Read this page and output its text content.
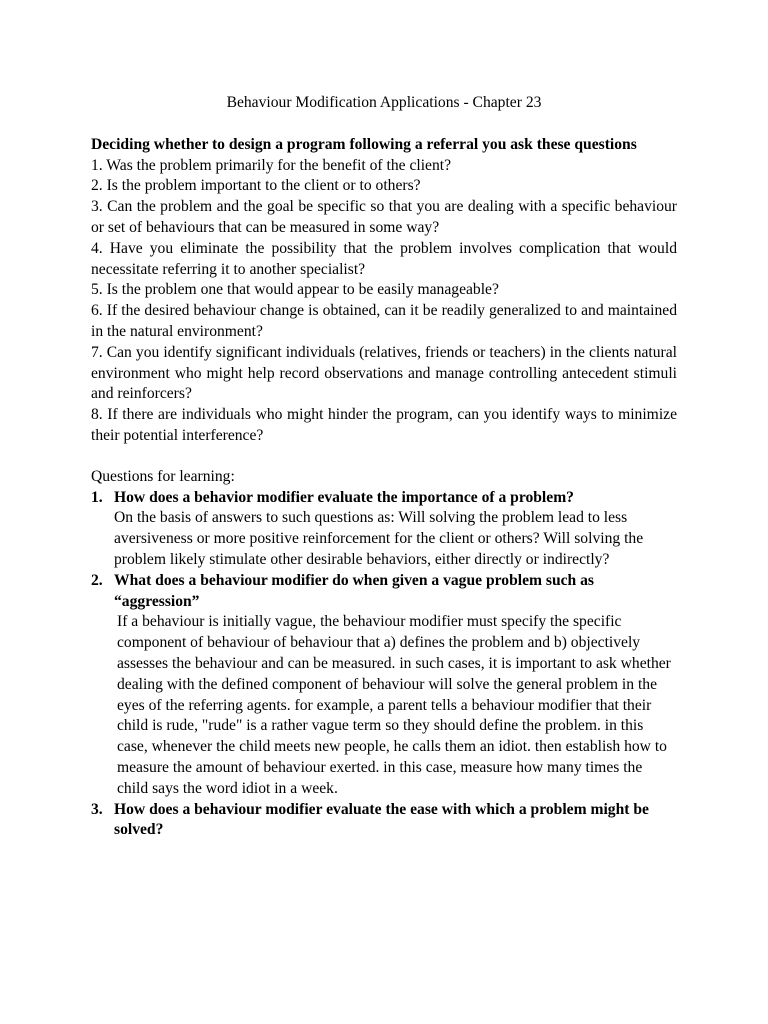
Behaviour Modification Applications - Chapter 23

Deciding whether to design a program following a referral you ask these questions

1. Was the problem primarily for the benefit of the client?

2. Is the problem important to the client or to others?

3. Can the problem and the goal be specific so that you are dealing with a specific behaviour or set of behaviours that can be measured in some way?

4. Have you eliminate the possibility that the problem involves complication that would necessitate referring it to another specialist?

5. Is the problem one that would appear to be easily manageable?

6. If the desired behaviour change is obtained, can it be readily generalized to and maintained in the natural environment?

7. Can you identify significant individuals (relatives, friends or teachers) in the clients natural environment who might help record observations and manage controlling antecedent stimuli and reinforcers?

8. If there are individuals who might hinder the program, can you identify ways to minimize their potential interference?

Questions for learning:

1. How does a behavior modifier evaluate the importance of a problem?

On the basis of answers to such questions as: Will solving the problem lead to less aversiveness or more positive reinforcement for the client or others? Will solving the problem likely stimulate other desirable behaviors, either directly or indirectly?

2. What does a behaviour modifier do when given a vague problem such as “aggression”

If a behaviour is initially vague, the behaviour modifier must specify the specific component of behaviour of behaviour that a) defines the problem and b) objectively assesses the behaviour and can be measured. in such cases, it is important to ask whether dealing with the defined component of behaviour will solve the general problem in the eyes of the referring agents. for example, a parent tells a behaviour modifier that their child is rude, "rude" is a rather vague term so they should define the problem. in this case, whenever the child meets new people, he calls them an idiot. then establish how to measure the amount of behaviour exerted. in this case, measure how many times the child says the word idiot in a week.

3. How does a behaviour modifier evaluate the ease with which a problem might be solved?
